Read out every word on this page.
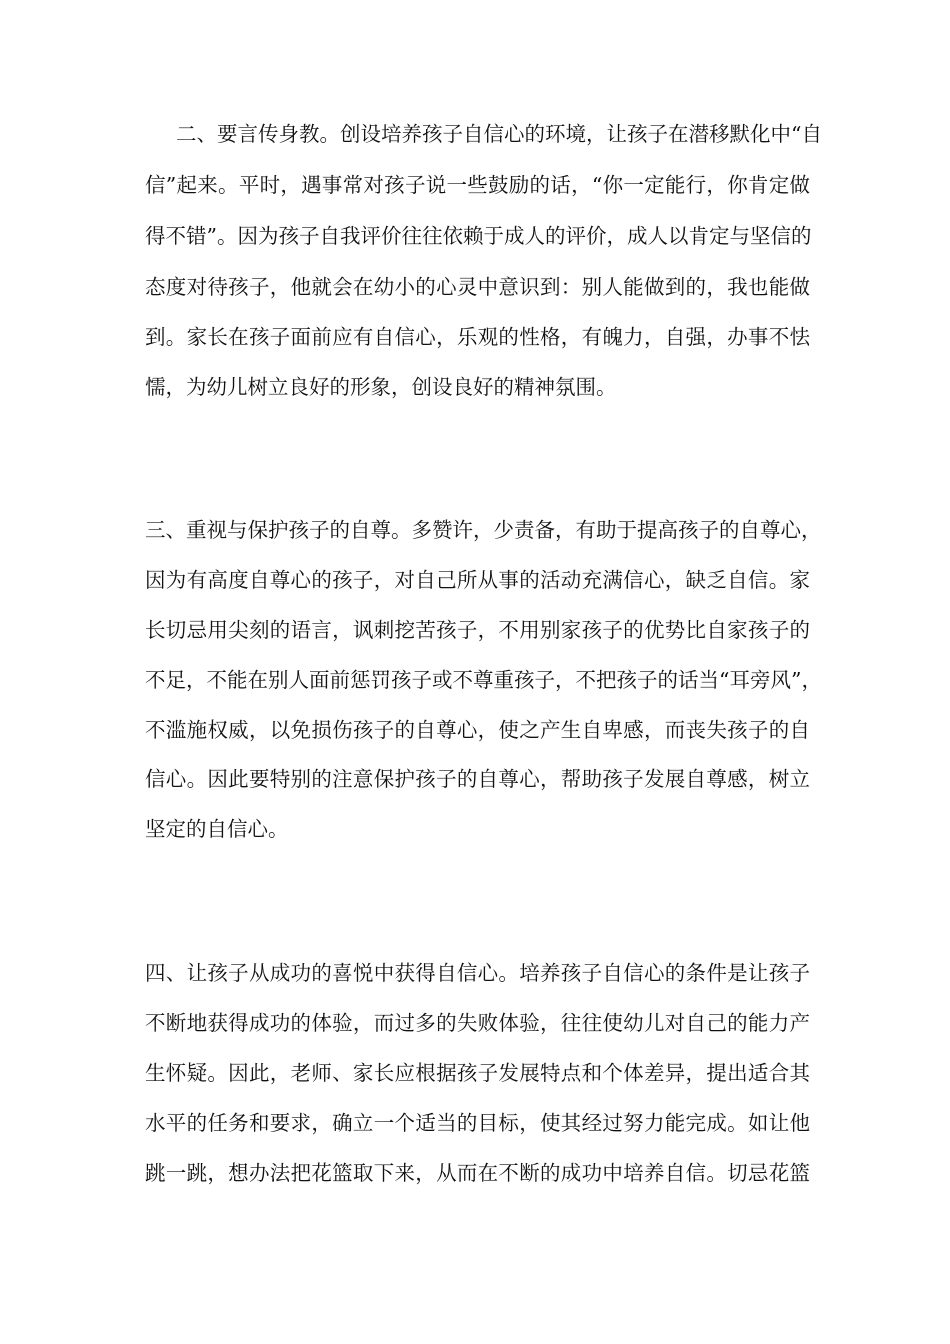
二、要言传身教。创设培养孩子自信心的环境，让孩子在潜移默化中“自
信”起来。平时，遇事常对孩子说一些鼓励的话，“你一定能行，你肯定做
得不错”。因为孩子自我评价往往依赖于成人的评价，成人以肯定与坚信的
态度对待孩子，他就会在幼小的心灵中意识到：别人能做到的，我也能做
到。家长在孩子面前应有自信心，乐观的性格，有魄力，自强，办事不怯
懦，为幼儿树立良好的形象，创设良好的精神氛围。
三、重视与保护孩子的自尊。多赞许，少责备，有助于提高孩子的自尊心，
因为有高度自尊心的孩子，对自己所从事的活动充满信心，缺乏自信。家
长切忌用尖刻的语言，讽刺挖苦孩子，不用别家孩子的优势比自家孩子的
不足，不能在别人面前惩罚孩子或不尊重孩子，不把孩子的话当“耳旁风”，
不滥施权威，以免损伤孩子的自尊心，使之产生自卑感，而丧失孩子的自
信心。因此要特别的注意保护孩子的自尊心，帮助孩子发展自尊感，树立
坚定的自信心。
四、让孩子从成功的喜悦中获得自信心。培养孩子自信心的条件是让孩子
不断地获得成功的体验，而过多的失败体验，往往使幼儿对自己的能力产
生怀疑。因此，老师、家长应根据孩子发展特点和个体差异，提出适合其
水平的任务和要求，确立一个适当的目标，使其经过努力能完成。如让他
跳一跳，想办法把花篮取下来，从而在不断的成功中培养自信。切忌花篮
